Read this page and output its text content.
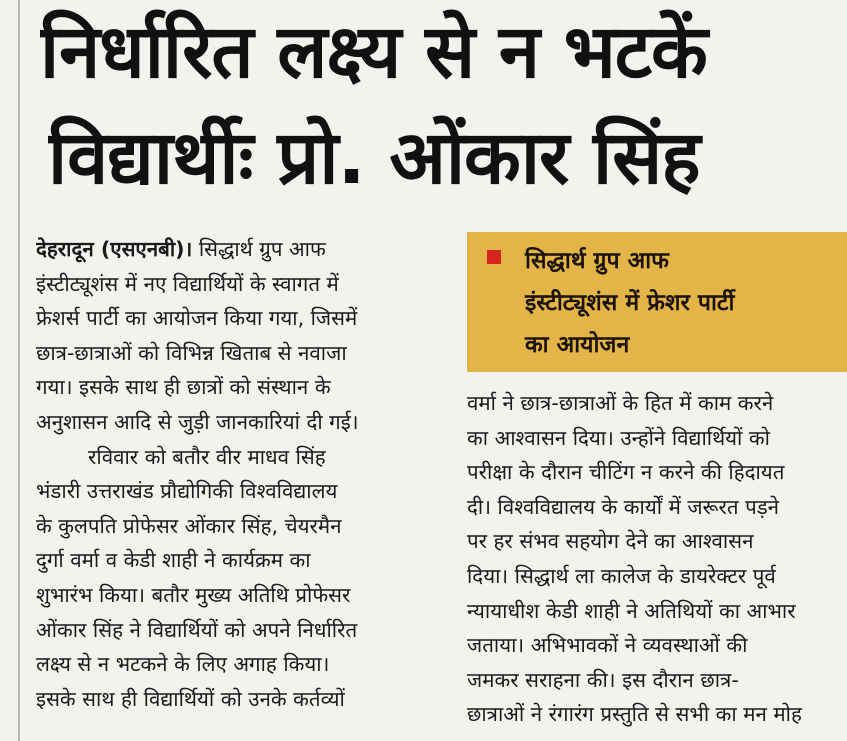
निर्धारित लक्ष्य से न भटकें
विद्यार्थीः प्रो. ओंकार सिंह

देहरादून (एसएनबी)। सिद्धार्थ ग्रुप आफ

इंस्टीट्यूशंस में नए विद्यार्थियों के स्वागत में

फ्रेशर्स पार्टी का आयोजन किया गया, जिसमें

छात्र-छात्राओं को विभिन्न खिताब से नवाजा

गया। इसके साथ ही छात्रों को संस्थान के

अनुशासन आदि से जुड़ी जानकारियां दी गई।

रविवार को बतौर वीर माधव सिंह

भंडारी उत्तराखंड प्रौद्योगिकी विश्वविद्यालय

के कुलपति प्रोफेसर ओंकार सिंह, चेयरमैन

दुर्गा वर्मा व केडी शाही ने कार्यक्रम का

शुभारंभ किया। बतौर मुख्य अतिथि प्रोफेसर

ओंकार सिंह ने विद्यार्थियों को अपने निर्धारित

लक्ष्य से न भटकने के लिए अगाह किया।

इसके साथ ही विद्यार्थियों को उनके कर्तव्यों

सिद्धार्थ ग्रुप आफ
इंस्टीट्यूशंस में फ्रेशर पार्टी
का आयोजन

वर्मा ने छात्र-छात्राओं के हित में काम करने

का आश्वासन दिया। उन्होंने विद्यार्थियों को

परीक्षा के दौरान चीटिंग न करने की हिदायत

दी। विश्वविद्यालय के कार्यों में जरूरत पड़ने

पर हर संभव सहयोग देने का आश्वासन

दिया। सिद्धार्थ ला कालेज के डायरेक्टर पूर्व

न्यायाधीश केडी शाही ने अतिथियों का आभार

जताया। अभिभावकों ने व्यवस्थाओं की

जमकर सराहना की। इस दौरान छात्र-

छात्राओं ने रंगारंग प्रस्तुति से सभी का मन मोह
